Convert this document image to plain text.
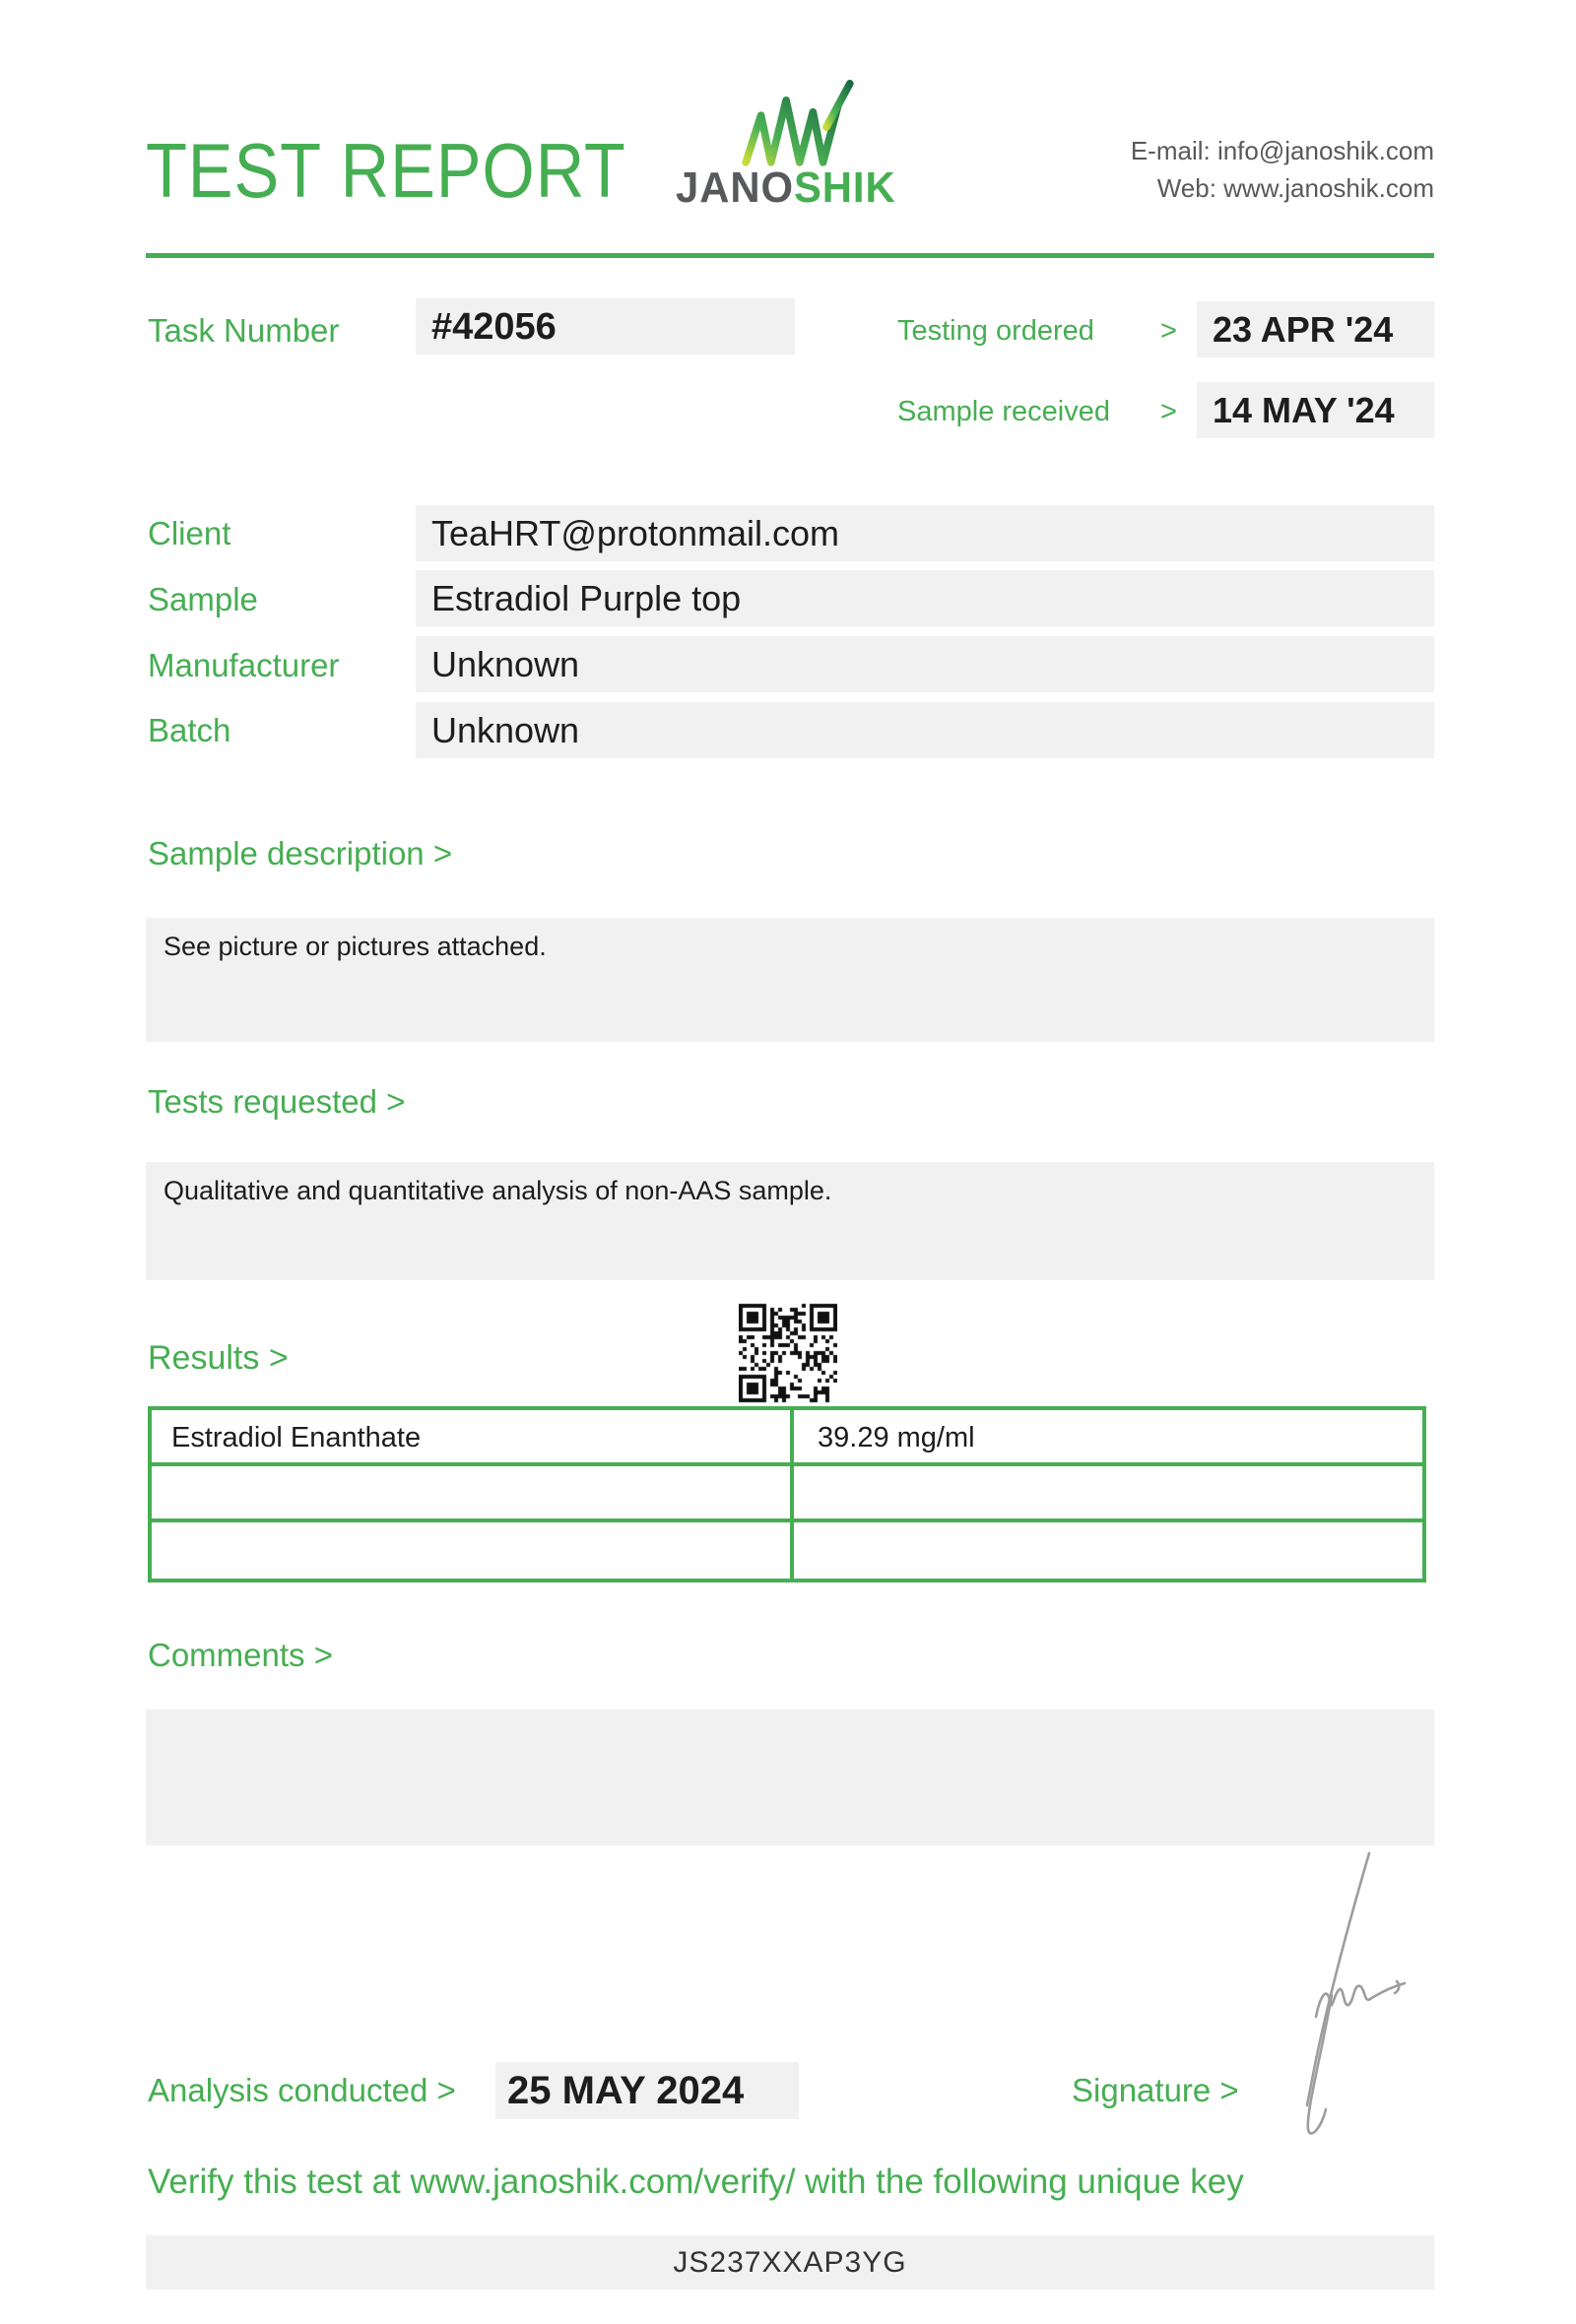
TEST REPORT JANOSHIK
E-mail: info@janoshik.com
Web: www.janoshik.com
Task Number	#42056	Testing ordered >	23 APR '24
Sample received >	14 MAY '24
Client	TeaHRT@protonmail.com
Sample	Estradiol Purple top
Manufacturer	Unknown
Batch	Unknown
Sample description >
See picture or pictures attached.
Tests requested >
Qualitative and quantitative analysis of non-AAS sample.
Results >
Estradiol Enanthate	39.29 mg/ml
Comments >
Analysis conducted >	25 MAY 2024	Signature >
Verify this test at www.janoshik.com/verify/ with the following unique key
JS237XXAP3YG
